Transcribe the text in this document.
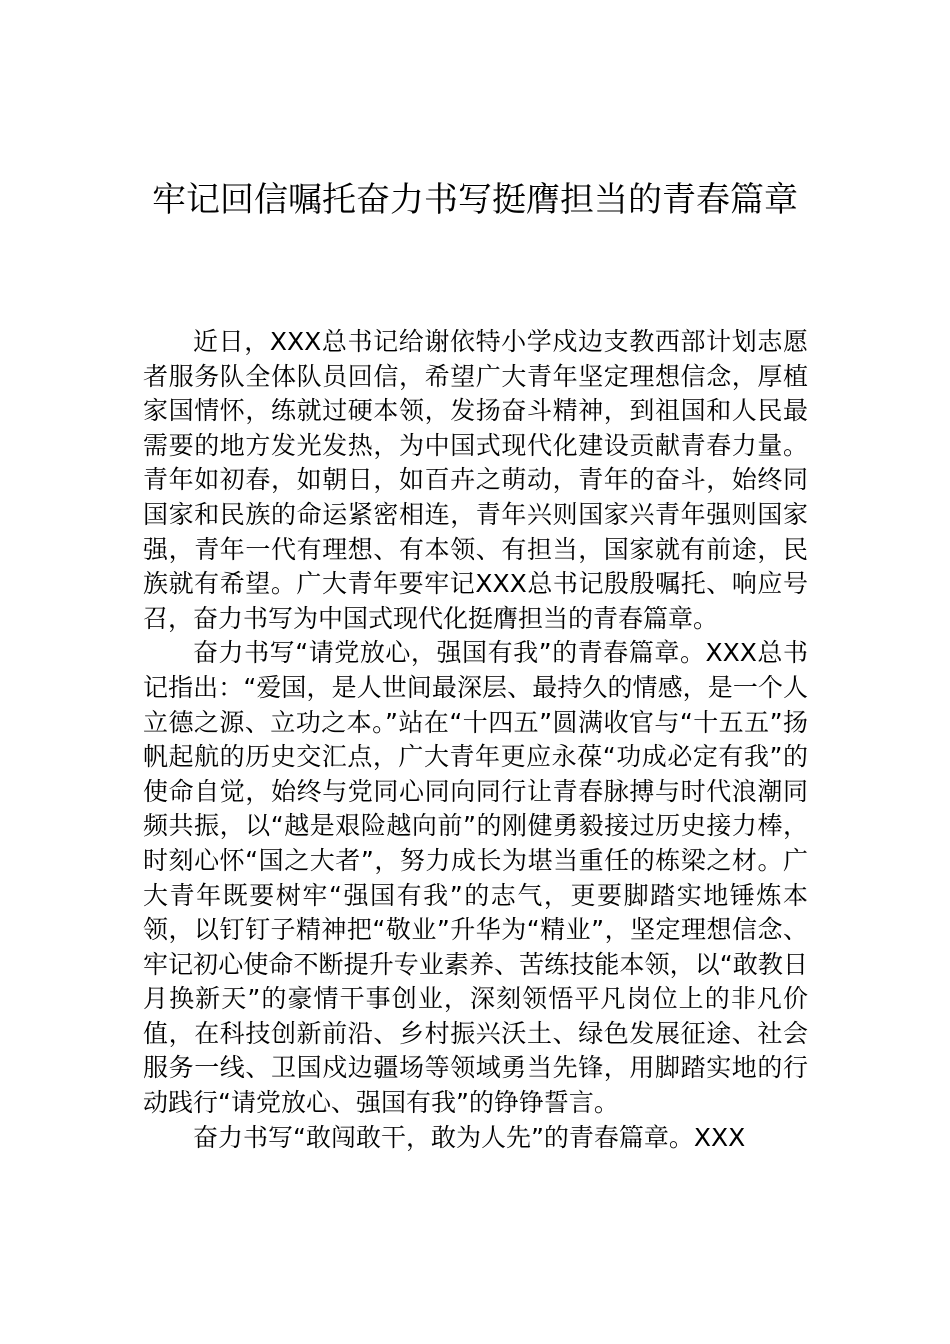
牢记回信嘱托奋力书写挺膺担当的青春篇章

近日，XXX总书记给谢依特小学戍边支教西部计划志愿者服务队全体队员回信，希望广大青年坚定理想信念，厚植家国情怀，练就过硬本领，发扬奋斗精神，到祖国和人民最需要的地方发光发热，为中国式现代化建设贡献青春力量。青年如初春，如朝日，如百卉之萌动，青年的奋斗，始终同国家和民族的命运紧密相连，青年兴则国家兴青年强则国家强，青年一代有理想、有本领、有担当，国家就有前途，民族就有希望。广大青年要牢记XXX总书记殷殷嘱托、响应号召，奋力书写为中国式现代化挺膺担当的青春篇章。

奋力书写“请党放心，强国有我”的青春篇章。XXX总书记指出：“爱国，是人世间最深层、最持久的情感，是一个人立德之源、立功之本。”站在“十四五”圆满收官与“十五五”扬帆起航的历史交汇点，广大青年更应永葆“功成必定有我”的使命自觉，始终与党同心同向同行让青春脉搏与时代浪潮同频共振，以“越是艰险越向前”的刚健勇毅接过历史接力棒，时刻心怀“国之大者”，努力成长为堪当重任的栋梁之材。广大青年既要树牢“强国有我”的志气，更要脚踏实地锤炼本领，以钉钉子精神把“敬业”升华为“精业”，坚定理想信念、牢记初心使命不断提升专业素养、苦练技能本领，以“敢教日月换新天”的豪情干事创业，深刻领悟平凡岗位上的非凡价值，在科技创新前沿、乡村振兴沃土、绿色发展征途、社会服务一线、卫国戍边疆场等领域勇当先锋，用脚踏实地的行动践行“请党放心、强国有我”的铮铮誓言。

奋力书写“敢闯敢干，敢为人先”的青春篇章。XXX
